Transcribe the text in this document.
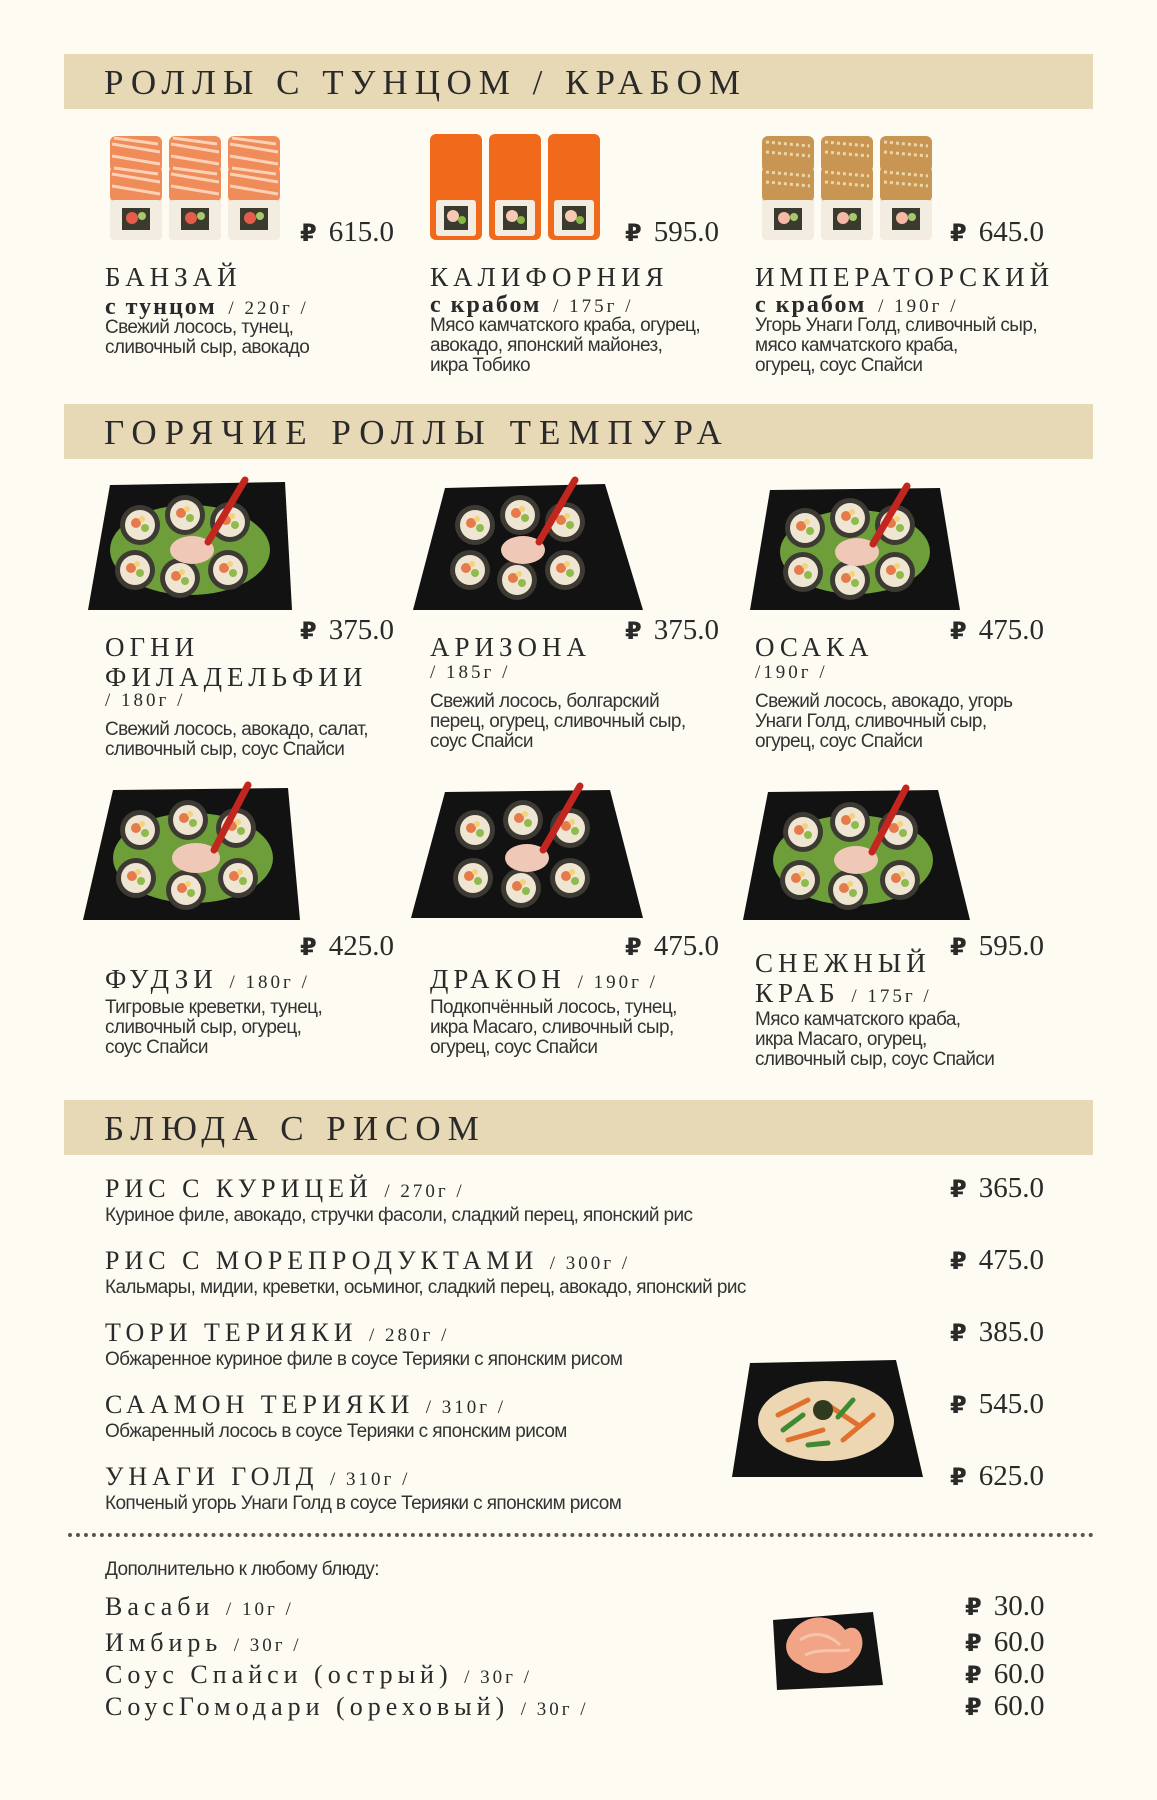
РОЛЛЫ С ТУНЦОМ / КРАБОМ
₽ 615.0	₽ 595.0	₽ 645.0
БАНЗАЙ
с тунцом / 220г /
Свежий лосось, тунец,
сливочный сыр, авокадо
КАЛИФОРНИЯ
с крабом / 175г /
Мясо камчатского краба, огурец,
авокадо, японский майонез,
икра Тобико
ИМПЕРАТОРСКИЙ
с крабом / 190г /
Угорь Унаги Голд, сливочный сыр,
мясо камчатского краба,
огурец, соус Спайси
ГОРЯЧИЕ РОЛЛЫ ТЕМПУРА
₽ 375.0	₽ 375.0	₽ 475.0
ОГНИ
ФИЛАДЕЛЬФИИ
/ 180г /
Свежий лосось, авокадо, салат,
сливочный сыр, соус Спайси
АРИЗОНА
/ 185г /
Свежий лосось, болгарский
перец, огурец, сливочный сыр,
соус Спайси
ОСАКА
/190г /
Свежий лосось, авокадо, угорь
Унаги Голд, сливочный сыр,
огурец, соус Спайси
₽ 425.0	₽ 475.0	₽ 595.0
ФУДЗИ / 180г /
Тигровые креветки, тунец,
сливочный сыр, огурец,
соус Спайси
ДРАКОН / 190г /
Подкопчённый лосось, тунец,
икра Масаго, сливочный сыр,
огурец, соус Спайси
СНЕЖНЫЙ
КРАБ / 175г /
Мясо камчатского краба,
икра Масаго, огурец,
сливочный сыр, соус Спайси
БЛЮДА С РИСОМ
РИС С КУРИЦЕЙ / 270г /
Куриное филе, авокадо, стручки фасоли, сладкий перец, японский рис
₽ 365.0
РИС С МОРЕПРОДУКТАМИ / 300г /
Кальмары, мидии, креветки, осьминог, сладкий перец, авокадо, японский рис
₽ 475.0
ТОРИ ТЕРИЯКИ / 280г /
Обжаренное куриное филе в соусе Терияки с японским рисом
₽ 385.0
СААМОН ТЕРИЯКИ / 310г /
Обжаренный лосось в соусе Терияки с японским рисом
₽ 545.0
УНАГИ ГОЛД / 310г /
Копченый угорь Унаги Голд в соусе Терияки с японским рисом
₽ 625.0
Дополнительно к любому блюду:
Васаби / 10г /	₽ 30.0
Имбирь / 30г /	₽ 60.0
Соус Спайси (острый) / 30г /	₽ 60.0
СоусГомодари (ореховый) / 30г /	₽ 60.0
